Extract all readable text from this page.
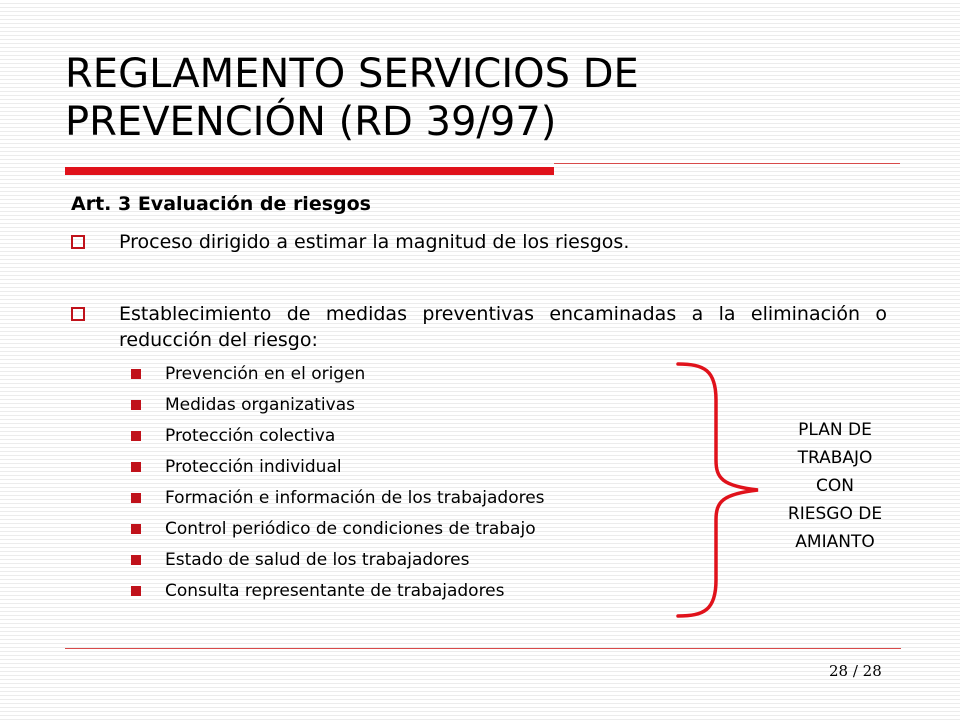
REGLAMENTO SERVICIOS DE
PREVENCIÓN (RD 39/97)
Art. 3 Evaluación de riesgos
Proceso dirigido a estimar la magnitud de los riesgos.
Establecimiento de medidas preventivas encaminadas a la eliminación o reducción del riesgo:
Prevención en el origen
Medidas organizativas
Protección colectiva
Protección individual
Formación e información de los trabajadores
Control periódico de condiciones de trabajo
Estado de salud de los trabajadores
Consulta representante de trabajadores
PLAN DE
TRABAJO
CON
RIESGO DE
AMIANTO
28 / 28
